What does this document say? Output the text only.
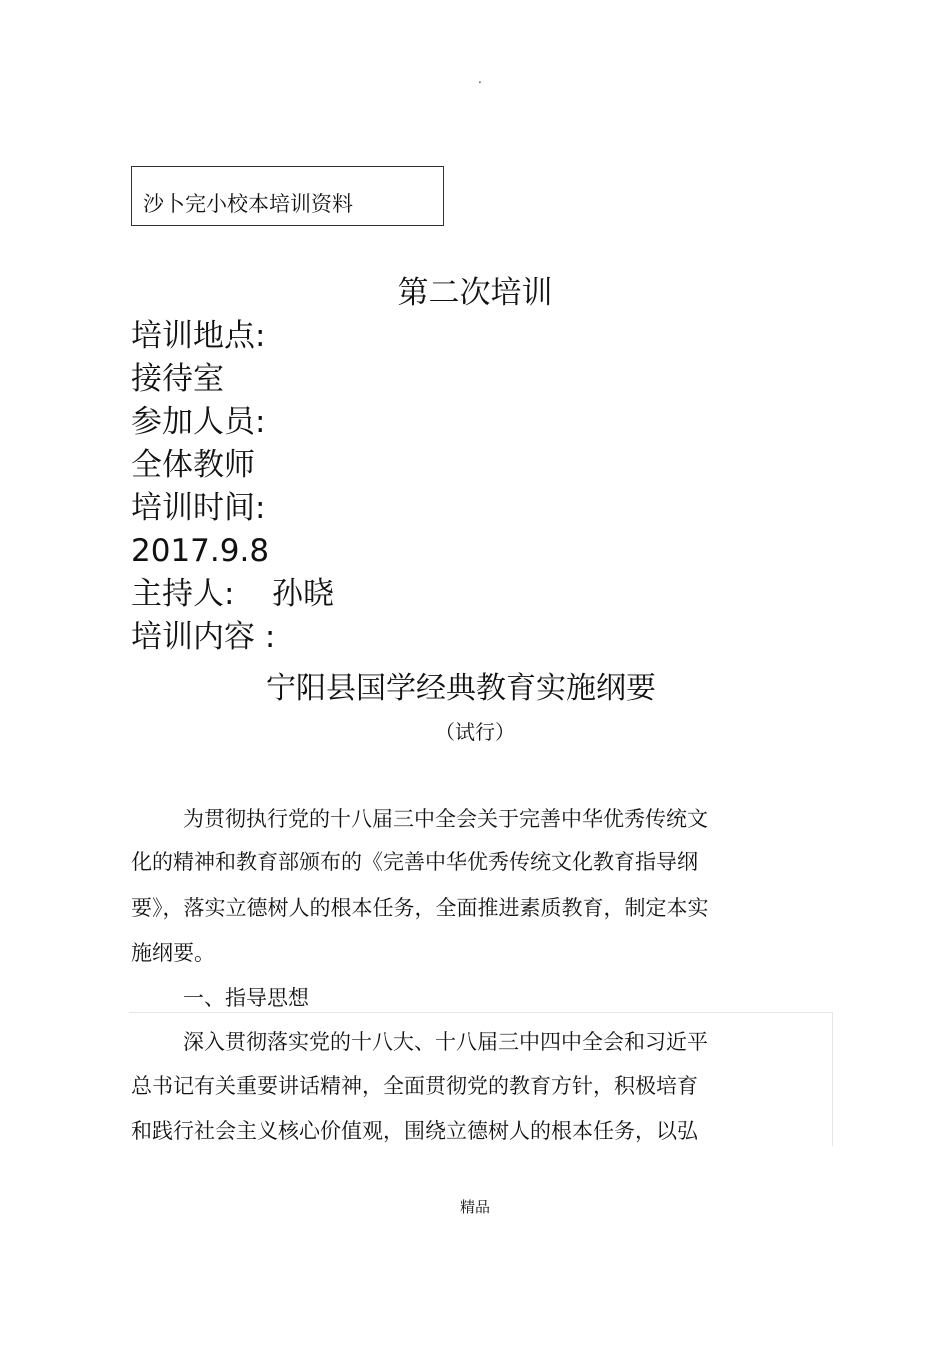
.
沙卜完小校本培训资料
第二次培训
培训地点:
接待室
参加人员:
全体教师
培训时间:
2017.9.8
主持人: 孙晓
培训内容 :
宁阳县国学经典教育实施纲要
（试行）
为贯彻执行党的十八届三中全会关于完善中华优秀传统文
化的精神和教育部颁布的《完善中华优秀传统文化教育指导纲
要》，落实立德树人的根本任务，全面推进素质教育，制定本实
施纲要。
一、指导思想
深入贯彻落实党的十八大、十八届三中四中全会和习近平
总书记有关重要讲话精神，全面贯彻党的教育方针，积极培育
和践行社会主义核心价值观，围绕立德树人的根本任务，以弘
精品
